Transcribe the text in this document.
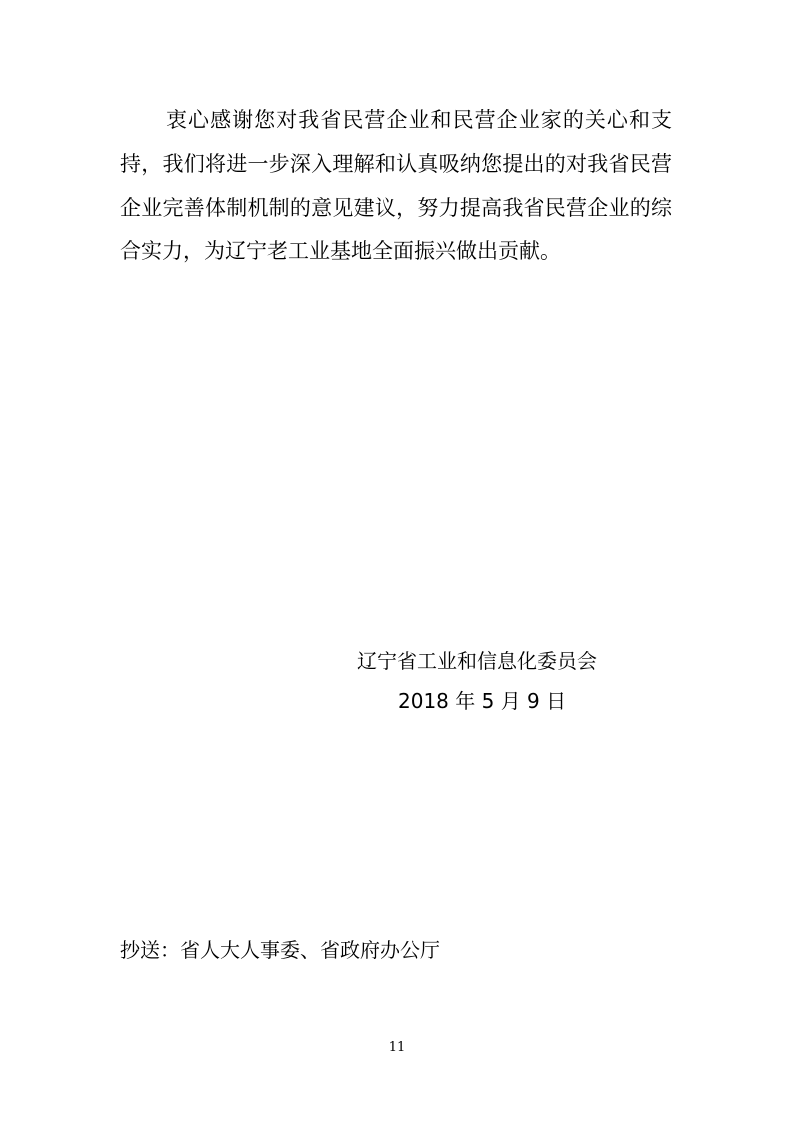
衷心感谢您对我省民营企业和民营企业家的关心和支
持，我们将进一步深入理解和认真吸纳您提出的对我省民营
企业完善体制机制的意见建议，努力提高我省民营企业的综
合实力，为辽宁老工业基地全面振兴做出贡献。
辽宁省工业和信息化委员会
2018 年 5 月 9 日
抄送：省人大人事委、省政府办公厅
11
